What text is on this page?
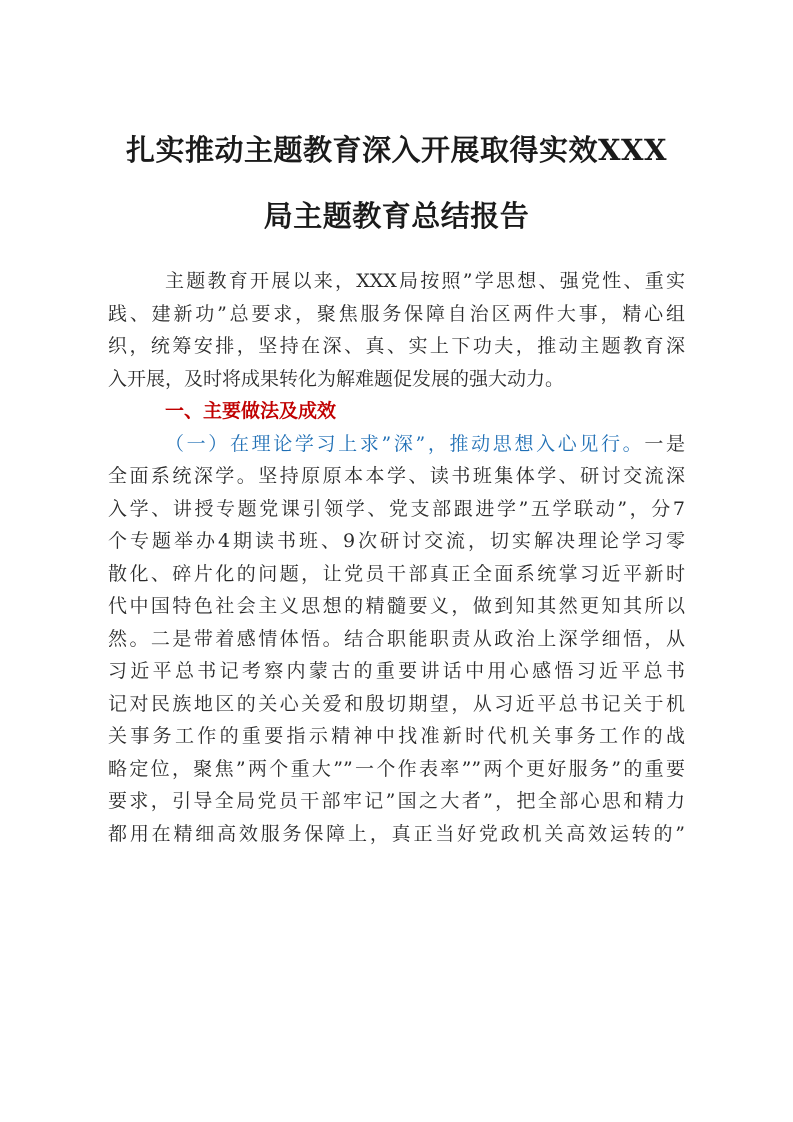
扎实推动主题教育深入开展取得实效XXX
局主题教育总结报告
主题教育开展以来，XXX局按照”学思想、强党性、重实
践、建新功”总要求，聚焦服务保障自治区两件大事，精心组
织，统筹安排，坚持在深、真、实上下功夫，推动主题教育深
入开展，及时将成果转化为解难题促发展的强大动力。
一、主要做法及成效
（一）在理论学习上求”深”，推动思想入心见行。一是
全面系统深学。坚持原原本本学、读书班集体学、研讨交流深
入学、讲授专题党课引领学、党支部跟进学”五学联动”，分7
个专题举办4期读书班、9次研讨交流，切实解决理论学习零
散化、碎片化的问题，让党员干部真正全面系统掌习近平新时
代中国特色社会主义思想的精髓要义，做到知其然更知其所以
然。二是带着感情体悟。结合职能职责从政治上深学细悟，从
习近平总书记考察内蒙古的重要讲话中用心感悟习近平总书
记对民族地区的关心关爱和殷切期望，从习近平总书记关于机
关事务工作的重要指示精神中找准新时代机关事务工作的战
略定位，聚焦”两个重大””一个作表率””两个更好服务”的重要
要求，引导全局党员干部牢记”国之大者”，把全部心思和精力
都用在精细高效服务保障上，真正当好党政机关高效运转的”
